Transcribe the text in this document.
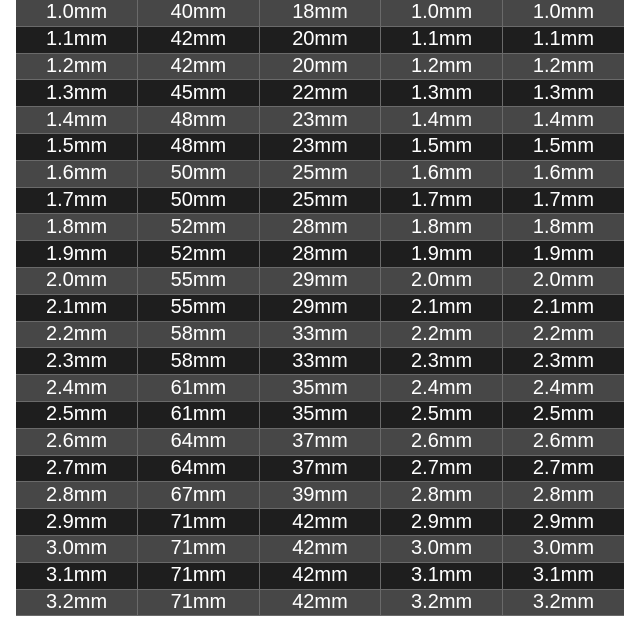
1.0mm	40mm	18mm	1.0mm	1.0mm
1.1mm	42mm	20mm	1.1mm	1.1mm
1.2mm	42mm	20mm	1.2mm	1.2mm
1.3mm	45mm	22mm	1.3mm	1.3mm
1.4mm	48mm	23mm	1.4mm	1.4mm
1.5mm	48mm	23mm	1.5mm	1.5mm
1.6mm	50mm	25mm	1.6mm	1.6mm
1.7mm	50mm	25mm	1.7mm	1.7mm
1.8mm	52mm	28mm	1.8mm	1.8mm
1.9mm	52mm	28mm	1.9mm	1.9mm
2.0mm	55mm	29mm	2.0mm	2.0mm
2.1mm	55mm	29mm	2.1mm	2.1mm
2.2mm	58mm	33mm	2.2mm	2.2mm
2.3mm	58mm	33mm	2.3mm	2.3mm
2.4mm	61mm	35mm	2.4mm	2.4mm
2.5mm	61mm	35mm	2.5mm	2.5mm
2.6mm	64mm	37mm	2.6mm	2.6mm
2.7mm	64mm	37mm	2.7mm	2.7mm
2.8mm	67mm	39mm	2.8mm	2.8mm
2.9mm	71mm	42mm	2.9mm	2.9mm
3.0mm	71mm	42mm	3.0mm	3.0mm
3.1mm	71mm	42mm	3.1mm	3.1mm
3.2mm	71mm	42mm	3.2mm	3.2mm
